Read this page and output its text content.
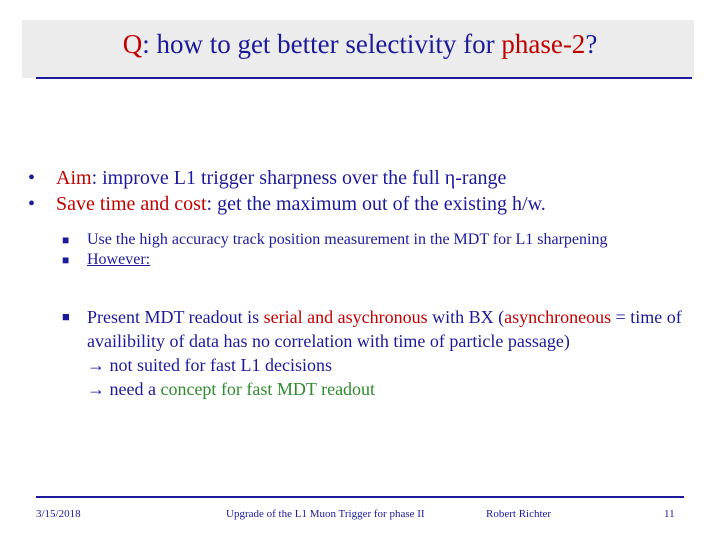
Q: how to get better selectivity for phase-2?
•	Aim: improve L1 trigger sharpness over the full η-range
•	Save time and cost: get the maximum out of the existing h/w.
■	Use the high accuracy track position measurement in the MDT for L1 sharpening
■	However:
■ Present MDT readout is serial and asychronous with BX (asynchroneous = time of availibility of data has no correlation with time of particle passage)
→ not suited for fast L1 decisions
→ need a concept for fast MDT readout
3/15/2018	Upgrade of the L1 Muon Trigger for phase II	Robert Richter	11
